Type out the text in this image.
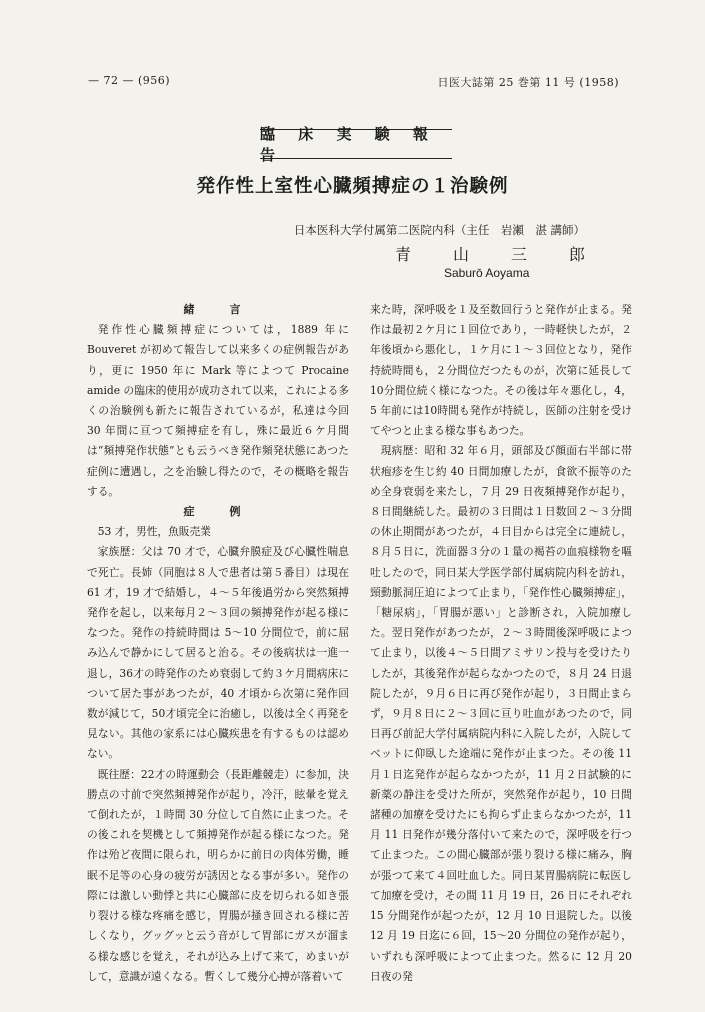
— 72 — (956)	日医大誌第 25 巻第 11 号 (1958)
臨 床 実 験 報 告
発作性上室性心臓頻搏症の１治験例
日本医科大学付属第二医院内科（主任　岩瀬　湛 講師）
青	山	三	郎
Saburō Aoyama
緒　言

発作性心臓頻搏症については，1889 年に Bouveret が初めて報告して以来多くの症例報告があり，更に 1950 年に Mark 等によつて Procaine amide の臨床的使用が成功されて以来，これによる多くの治験例も新たに報告されているが，私達は今回 30 年間に亘つて頻搏症を有し，殊に最近６ケ月間は“頻搏発作状態”とも云うべき発作頻発状態にあつた症例に遭遇し，之を治験し得たので，その概略を報告する。

症　例

53 才，男性，魚販売業

家族歴：父は 70 才で，心臓弁膜症及び心臓性喘息で死亡。長姉（同胞は８人で患者は第５番目）は現在 61 才，19 才で結婚し，４～５年後過労から突然頻搏発作を起し，以来毎月２～３回の頻搏発作が起る様になつた。発作の持続時間は 5～10 分間位で，前に屈み込んで静かにして居ると治る。その後病状は一進一退し，36才の時発作のため衰弱して約３ケ月間病床について居た事があつたが，40 才頃から次第に発作回数が減じて，50才頃完全に治癒し，以後は全く再発を見ない。其他の家系には心臓疾患を有するものは認めない。

既往歴：22才の時運動会（長距離競走）に参加，決勝点の寸前で突然頻搏発作が起り，冷汗，眩暈を覚えて倒れたが，１時間 30 分位して自然に止まつた。その後これを契機として頻搏発作が起る様になつた。発作は殆ど夜間に限られ，明らかに前日の肉体労働，睡眠不足等の心身の疲労が誘因となる事が多い。発作の際には激しい動悸と共に心臓部に皮を切られる如き張り裂ける様な疼痛を感じ，胃腸が掻き回される様に苦しくなり，グッグッと云う音がして胃部にガスが溜まる様な感じを覚え，それが込み上げて来て，めまいがして，意識が遠くなる。暫くして幾分心搏が落着いて

来た時，深呼吸を１及至数回行うと発作が止まる。発作は最初２ケ月に１回位であり，一時軽快したが，２年後頃から悪化し，１ケ月に１～３回位となり，発作持続時間も，２分間位だつたものが，次第に延長して10分間位続く様になつた。その後は年々悪化し，4，5 年前には10時間も発作が持続し，医師の注射を受けてやつと止まる様な事もあつた。

現病歴：昭和 32 年６月，頭部及び顔面右半部に帯状疱疹を生じ約 40 日間加療したが，食欲不振等のため全身衰弱を来たし，７月 29 日夜頻搏発作が起り，８日間継続した。最初の３日間は１日数回２～３分間の休止期間があつたが，４日目からは完全に連続し，８月５日に，洗面器３分の１量の褐苔の血痕様物を嘔吐したので，同日某大学医学部付属病院内科を訪れ，頸動脈洞圧迫によつて止まり，「発作性心臓頻搏症」，「糖尿病」，「胃腸が悪い」と診断され，入院加療した。翌日発作があつたが，２～３時間後深呼吸によつて止まり，以後４～５日間アミサリン投与を受けたりしたが，其後発作が起らなかつたので，８月 24 日退院したが，９月６日に再び発作が起り，３日間止まらず，９月８日に２～３回に亘り吐血があつたので，同日再び前記大学付属病院内科に入院したが，入院してベットに仰臥した途端に発作が止まつた。その後 11 月１日迄発作が起らなかつたが，11 月２日試験的に新薬の静注を受けた所が，突然発作が起り，10 日間諸種の加療を受けたにも拘らず止まらなかつたが，11 月 11 日発作が幾分落付いて来たので，深呼吸を行つて止まつた。この間心臓部が張り裂ける様に痛み，胸が張つて来て４回吐血した。同日某胃腸病院に転医して加療を受け，その間 11 月 19 日，26 日にそれぞれ 15 分間発作が起つたが，12 月 10 日退院した。以後 12 月 19 日迄に６回，15～20 分間位の発作が起り，いずれも深呼吸によつて止まつた。然るに 12 月 20 日夜の発
